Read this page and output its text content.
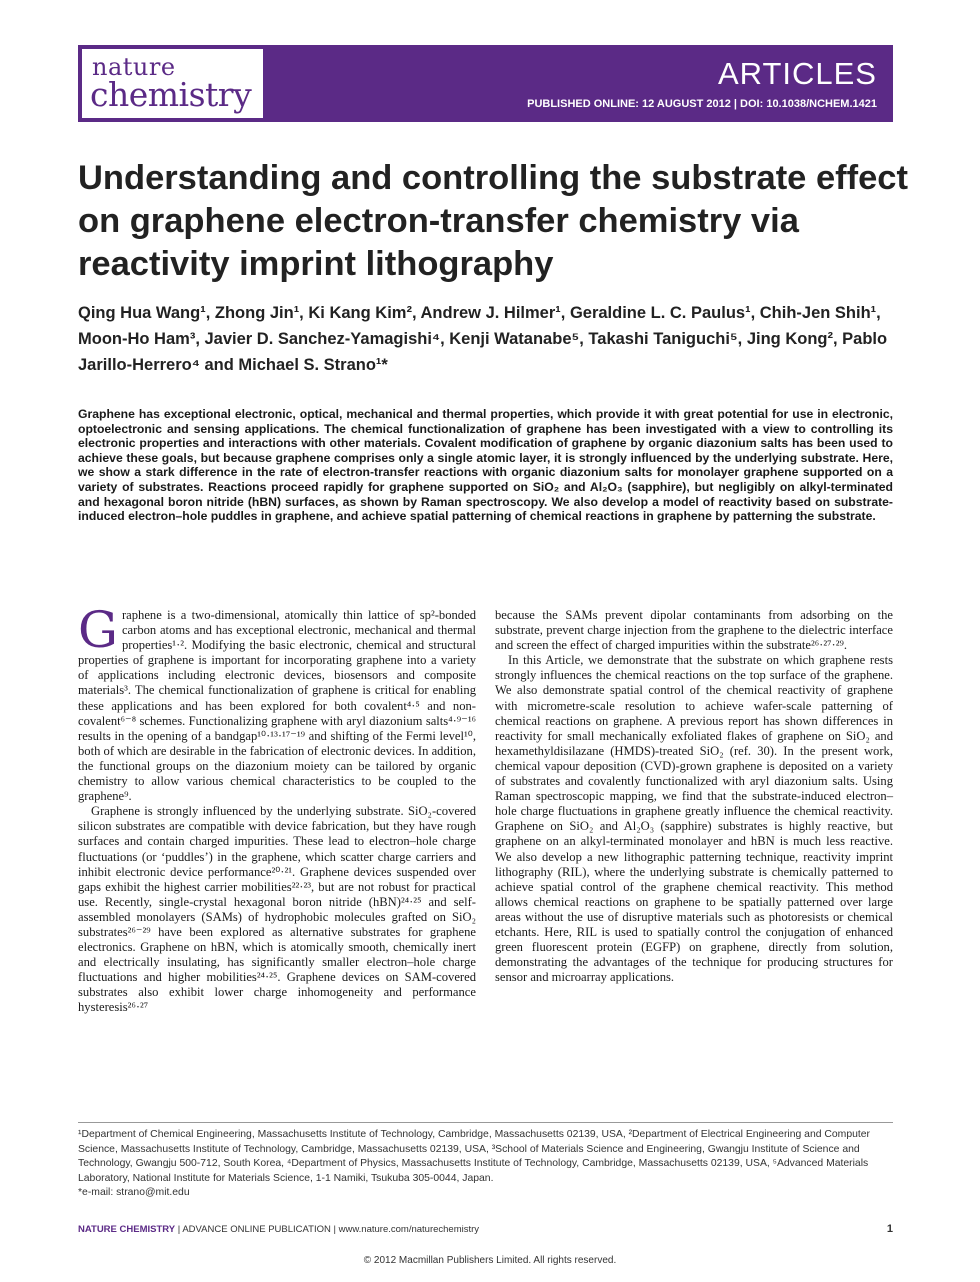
nature
chemistry
ARTICLES
PUBLISHED ONLINE: 12 AUGUST 2012 | DOI: 10.1038/NCHEM.1421
Understanding and controlling the substrate effect on graphene electron-transfer chemistry via reactivity imprint lithography

Qing Hua Wang¹, Zhong Jin¹, Ki Kang Kim², Andrew J. Hilmer¹, Geraldine L. C. Paulus¹, Chih-Jen Shih¹, Moon-Ho Ham³, Javier D. Sanchez-Yamagishi⁴, Kenji Watanabe⁵, Takashi Taniguchi⁵, Jing Kong², Pablo Jarillo-Herrero⁴ and Michael S. Strano¹*

Graphene has exceptional electronic, optical, mechanical and thermal properties, which provide it with great potential for use in electronic, optoelectronic and sensing applications. The chemical functionalization of graphene has been investigated with a view to controlling its electronic properties and interactions with other materials. Covalent modification of graphene by organic diazonium salts has been used to achieve these goals, but because graphene comprises only a single atomic layer, it is strongly influenced by the underlying substrate. Here, we show a stark difference in the rate of electron-transfer reactions with organic diazonium salts for monolayer graphene supported on a variety of substrates. Reactions proceed rapidly for graphene supported on SiO₂ and Al₂O₃ (sapphire), but negligibly on alkyl-terminated and hexagonal boron nitride (hBN) surfaces, as shown by Raman spectroscopy. We also develop a model of reactivity based on substrate-induced electron–hole puddles in graphene, and achieve spatial patterning of chemical reactions in graphene by patterning the substrate.

Graphene is a two-dimensional, atomically thin lattice of sp²-bonded carbon atoms and has exceptional electronic, mechanical and thermal properties¹·². Modifying the basic electronic, chemical and structural properties of graphene is important for incorporating graphene into a variety of applications including electronic devices, biosensors and composite materials³. The chemical functionalization of graphene is critical for enabling these applications and has been explored for both covalent⁴·⁵ and non-covalent⁶⁻⁸ schemes. Functionalizing graphene with aryl diazonium salts⁴·⁹⁻¹⁶ results in the opening of a bandgap¹⁰·¹³·¹⁷⁻¹⁹ and shifting of the Fermi level¹⁰, both of which are desirable in the fabrication of electronic devices. In addition, the functional groups on the diazonium moiety can be tailored by organic chemistry to allow various chemical characteristics to be coupled to the graphene⁹.

Graphene is strongly influenced by the underlying substrate. SiO₂-covered silicon substrates are compatible with device fabrication, but they have rough surfaces and contain charged impurities. These lead to electron–hole charge fluctuations (or ‘puddles’) in the graphene, which scatter charge carriers and inhibit electronic device performance²⁰·²¹. Graphene devices suspended over gaps exhibit the highest carrier mobilities²²·²³, but are not robust for practical use. Recently, single-crystal hexagonal boron nitride (hBN)²⁴·²⁵ and self-assembled monolayers (SAMs) of hydrophobic molecules grafted on SiO₂ substrates²⁶⁻²⁹ have been explored as alternative substrates for graphene electronics. Graphene on hBN, which is atomically smooth, chemically inert and electrically insulating, has significantly smaller electron–hole charge fluctuations and higher mobilities²⁴·²⁵. Graphene devices on SAM-covered substrates also exhibit lower charge inhomogeneity and performance hysteresis²⁶·²⁷

because the SAMs prevent dipolar contaminants from adsorbing on the substrate, prevent charge injection from the graphene to the dielectric interface and screen the effect of charged impurities within the substrate²⁶·²⁷·²⁹.

In this Article, we demonstrate that the substrate on which graphene rests strongly influences the chemical reactions on the top surface of the graphene. We also demonstrate spatial control of the chemical reactivity of graphene with micrometre-scale resolution to achieve wafer-scale patterning of chemical reactions on graphene. A previous report has shown differences in reactivity for small mechanically exfoliated flakes of graphene on SiO₂ and hexamethyldisilazane (HMDS)-treated SiO₂ (ref. 30). In the present work, chemical vapour deposition (CVD)-grown graphene is deposited on a variety of substrates and covalently functionalized with aryl diazonium salts. Using Raman spectroscopic mapping, we find that the substrate-induced electron–hole charge fluctuations in graphene greatly influence the chemical reactivity. Graphene on SiO₂ and Al₂O₃ (sapphire) substrates is highly reactive, but graphene on an alkyl-terminated monolayer and hBN is much less reactive. We also develop a new lithographic patterning technique, reactivity imprint lithography (RIL), where the underlying substrate is chemically patterned to achieve spatial control of the graphene chemical reactivity. This method allows chemical reactions on graphene to be spatially patterned over large areas without the use of disruptive materials such as photoresists or chemical etchants. Here, RIL is used to spatially control the conjugation of enhanced green fluorescent protein (EGFP) on graphene, directly from solution, demonstrating the advantages of the technique for producing structures for sensor and microarray applications.

¹Department of Chemical Engineering, Massachusetts Institute of Technology, Cambridge, Massachusetts 02139, USA, ²Department of Electrical Engineering and Computer Science, Massachusetts Institute of Technology, Cambridge, Massachusetts 02139, USA, ³School of Materials Science and Engineering, Gwangju Institute of Science and Technology, Gwangju 500-712, South Korea, ⁴Department of Physics, Massachusetts Institute of Technology, Cambridge, Massachusetts 02139, USA, ⁵Advanced Materials Laboratory, National Institute for Materials Science, 1-1 Namiki, Tsukuba 305-0044, Japan.
*e-mail: strano@mit.edu
NATURE CHEMISTRY | ADVANCE ONLINE PUBLICATION | www.nature.com/naturechemistry	1
© 2012 Macmillan Publishers Limited. All rights reserved.
